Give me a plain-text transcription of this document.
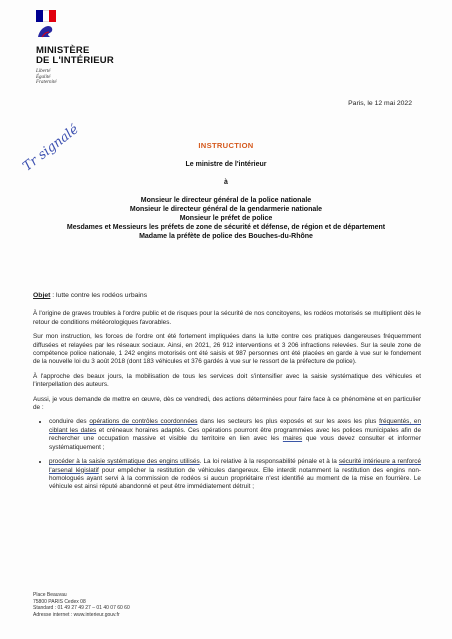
MINISTÈRE
DE L'INTÉRIEUR
Liberté
Égalité
Fraternité
Paris, le 12 mai 2022
Tr signalé	INSTRUCTION
Le ministre de l'intérieur
à
Monsieur le directeur général de la police nationale
Monsieur le directeur général de la gendarmerie nationale
Monsieur le préfet de police
Mesdames et Messieurs les préfets de zone de sécurité et défense, de région et de département
Madame la préfète de police des Bouches-du-Rhône

Objet : lutte contre les rodéos urbains

À l'origine de graves troubles à l'ordre public et de risques pour la sécurité de nos concitoyens, les rodéos motorisés se multiplient dès le retour de conditions météorologiques favorables.

Sur mon instruction, les forces de l'ordre ont été fortement impliquées dans la lutte contre ces pratiques dangereuses fréquemment diffusées et relayées par les réseaux sociaux. Ainsi, en 2021, 26 912 interventions et 3 206 infractions relevées. Sur la seule zone de compétence police nationale, 1 242 engins motorisés ont été saisis et 987 personnes ont été placées en garde à vue sur le fondement de la nouvelle loi du 3 août 2018 (dont 183 véhicules et 376 gardés à vue sur le ressort de la préfecture de police).

À l'approche des beaux jours, la mobilisation de tous les services doit s'intensifier avec la saisie systématique des véhicules et l'interpellation des auteurs.

Aussi, je vous demande de mettre en œuvre, dès ce vendredi, des actions déterminées pour faire face à ce phénomène et en particulier de :

• conduire des opérations de contrôles coordonnées dans les secteurs les plus exposés et sur les axes les plus fréquentés, en ciblant les dates et créneaux horaires adaptés. Ces opérations pourront être programmées avec les polices municipales afin de rechercher une occupation massive et visible du territoire en lien avec les maires que vous devez consulter et informer systématiquement ;
• procéder à la saisie systématique des engins utilisés. La loi relative à la responsabilité pénale et à la sécurité intérieure a renforcé l'arsenal législatif pour empêcher la restitution de véhicules dangereux. Elle interdit notamment la restitution des engins non-homologués ayant servi à la commission de rodéos si aucun propriétaire n'est identifié au moment de la mise en fourrière. Le véhicule est ainsi réputé abandonné et peut être immédiatement détruit ;
Place Beauvau
75800 PARIS Cedex 08
Standard : 01 49 27 49 27 – 01 40 07 60 60
Adresse internet : www.interieur.gouv.fr
